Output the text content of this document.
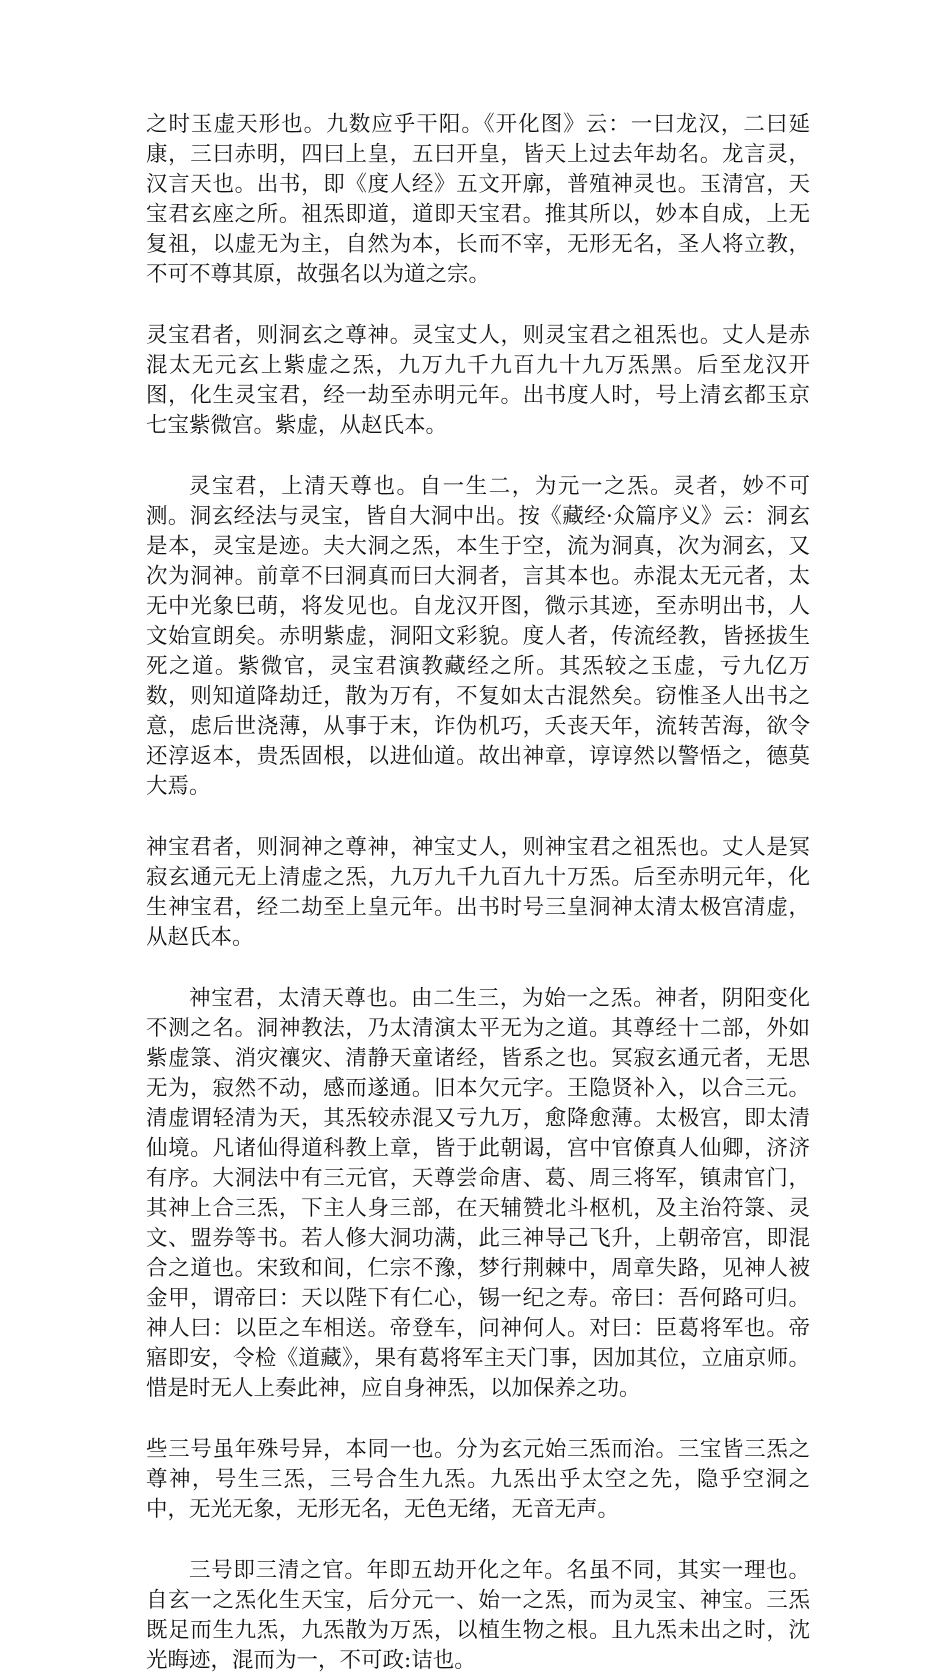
之时玉虚天形也。九数应乎干阳。《开化图》云：一曰龙汉，二曰延康，三曰赤明，四曰上皇，五曰开皇，皆天上过去年劫名。龙言灵，汉言天也。出书，即《度人经》五文开廓，普殖神灵也。玉清宫，天宝君玄座之所。祖炁即道，道即天宝君。推其所以，妙本自成，上无复祖，以虚无为主，自然为本，长而不宰，无形无名，圣人将立教，不可不尊其原，故强名以为道之宗。

灵宝君者，则洞玄之尊神。灵宝丈人，则灵宝君之祖炁也。丈人是赤混太无元玄上紫虚之炁，九万九千九百九十九万炁黑。后至龙汉开图，化生灵宝君，经一劫至赤明元年。出书度人时，号上清玄都玉京七宝紫微宫。紫虚，从赵氏本。

灵宝君，上清天尊也。自一生二，为元一之炁。灵者，妙不可测。洞玄经法与灵宝，皆自大洞中出。按《藏经·众篇序义》云：洞玄是本，灵宝是迹。夫大洞之炁，本生于空，流为洞真，次为洞玄，又次为洞神。前章不曰洞真而曰大洞者，言其本也。赤混太无元者，太无中光象巳萌，将发见也。自龙汉开图，微示其迹，至赤明出书，人文始宣朗矣。赤明紫虚，洞阳文彩貌。度人者，传流经教，皆拯拔生死之道。紫微官，灵宝君演教藏经之所。其炁较之玉虚，亏九亿万数，则知道降劫迁，散为万有，不复如太古混然矣。窃惟圣人出书之意，虑后世浇薄，从事于末，诈伪机巧，夭丧天年，流转苦海，欲令还淳返本，贵炁固根，以进仙道。故出神章，谆谆然以警悟之，德莫大焉。

神宝君者，则洞神之尊神，神宝丈人，则神宝君之祖炁也。丈人是冥寂玄通元无上清虚之炁，九万九千九百九十万炁。后至赤明元年，化生神宝君，经二劫至上皇元年。出书时号三皇洞神太清太极宫清虚，从赵氏本。

神宝君，太清天尊也。由二生三，为始一之炁。神者，阴阳变化不测之名。洞神教法，乃太清演太平无为之道。其尊经十二部，外如紫虚箓、消灾禳灾、清静天童诸经，皆系之也。冥寂玄通元者，无思无为，寂然不动，感而遂通。旧本欠元字。王隐贤补入，以合三元。清虚谓轻清为天，其炁较赤混又亏九万，愈降愈薄。太极宫，即太清仙境。凡诸仙得道科教上章，皆于此朝谒，宫中官僚真人仙卿，济济有序。大洞法中有三元官，天尊尝命唐、葛、周三将军，镇肃官门，其神上合三炁，下主人身三部，在天辅赞北斗枢机，及主治符箓、灵文、盟券等书。若人修大洞功满，此三神导己飞升，上朝帝宫，即混合之道也。宋致和间，仁宗不豫，梦行荆棘中，周章失路，见神人被金甲，谓帝曰：天以陛下有仁心，锡一纪之寿。帝曰：吾何路可归。神人曰：以臣之车相送。帝登车，问神何人。对曰：臣葛将军也。帝寤即安，令检《道藏》，果有葛将军主天门事，因加其位，立庙京师。惜是时无人上奏此神，应自身神炁，以加保养之功。

些三号虽年殊号异，本同一也。分为玄元始三炁而治。三宝皆三炁之尊神，号生三炁，三号合生九炁。九炁出乎太空之先，隐乎空洞之中，无光无象，无形无名，无色无绪，无音无声。

三号即三清之官。年即五劫开化之年。名虽不同，其实一理也。自玄一之炁化生天宝，后分元一、始一之炁，而为灵宝、神宝。三炁既足而生九炁，九炁散为万炁，以植生物之根。且九炁未出之时，沈光晦迹，混而为一，不可政:诘也。
